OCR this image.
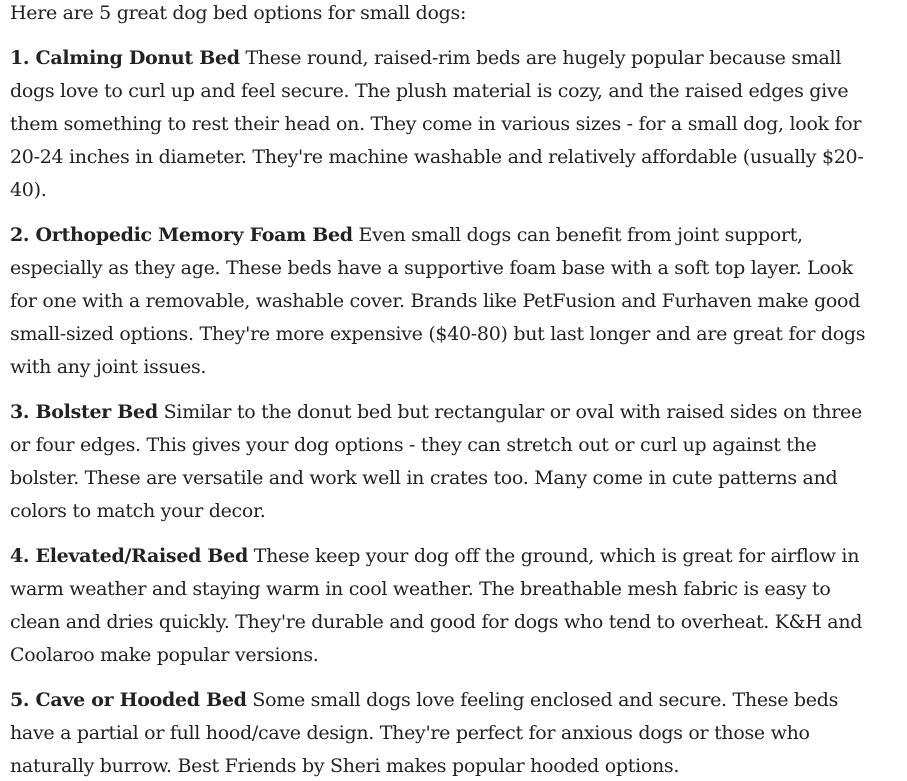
Here are 5 great dog bed options for small dogs:

1. Calming Donut Bed These round, raised-rim beds are hugely popular because small dogs love to curl up and feel secure. The plush material is cozy, and the raised edges give them something to rest their head on. They come in various sizes - for a small dog, look for 20-24 inches in diameter. They're machine washable and relatively affordable (usually $20-40).

2. Orthopedic Memory Foam Bed Even small dogs can benefit from joint support, especially as they age. These beds have a supportive foam base with a soft top layer. Look for one with a removable, washable cover. Brands like PetFusion and Furhaven make good small-sized options. They're more expensive ($40-80) but last longer and are great for dogs with any joint issues.

3. Bolster Bed Similar to the donut bed but rectangular or oval with raised sides on three or four edges. This gives your dog options - they can stretch out or curl up against the bolster. These are versatile and work well in crates too. Many come in cute patterns and colors to match your decor.

4. Elevated/Raised Bed These keep your dog off the ground, which is great for airflow in warm weather and staying warm in cool weather. The breathable mesh fabric is easy to clean and dries quickly. They're durable and good for dogs who tend to overheat. K&H and Coolaroo make popular versions.

5. Cave or Hooded Bed Some small dogs love feeling enclosed and secure. These beds have a partial or full hood/cave design. They're perfect for anxious dogs or those who naturally burrow. Best Friends by Sheri makes popular hooded options.
